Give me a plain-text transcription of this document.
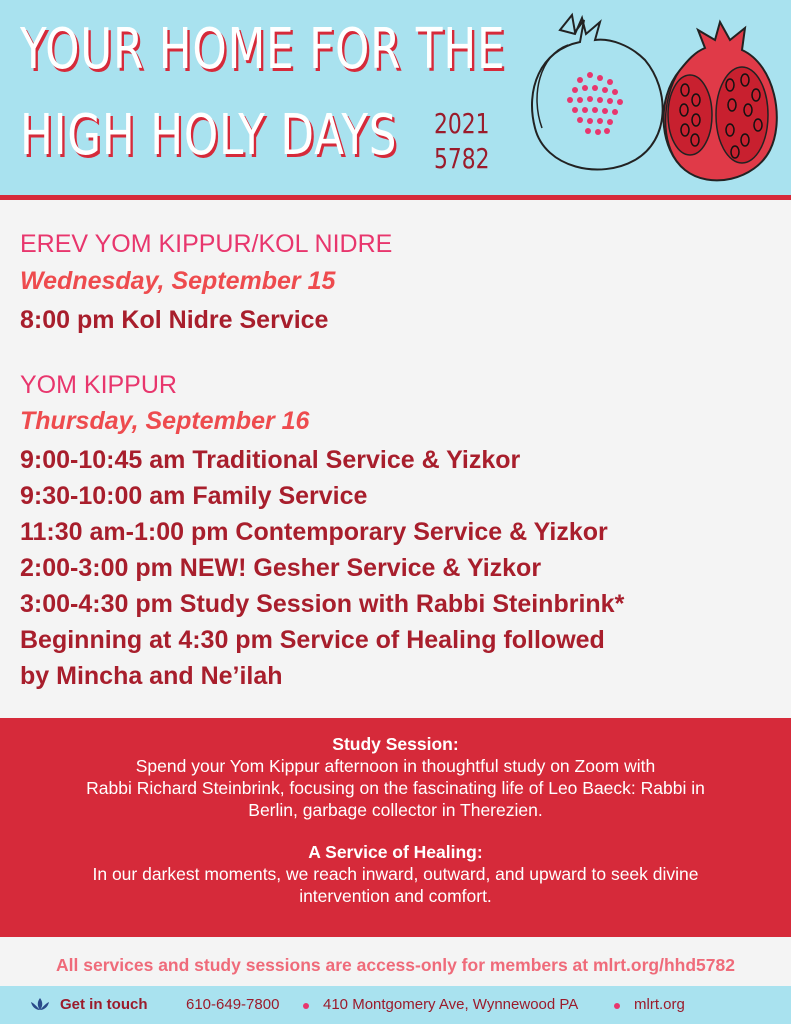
YOUR HOME FOR THE
HIGH HOLY DAYS 2021
5782
EREV YOM KIPPUR/KOL NIDRE
Wednesday, September 15
8:00 pm Kol Nidre Service
YOM KIPPUR
Thursday, September 16
9:00-10:45 am Traditional Service & Yizkor
9:30-10:00 am Family Service
11:30 am-1:00 pm Contemporary Service & Yizkor
2:00-3:00 pm NEW! Gesher Service & Yizkor
3:00-4:30 pm Study Session with Rabbi Steinbrink*
Beginning at 4:30 pm Service of Healing followed
by Mincha and Ne’ilah
Study Session:
Spend your Yom Kippur afternoon in thoughtful study on Zoom with
Rabbi Richard Steinbrink, focusing on the fascinating life of Leo Baeck: Rabbi in
Berlin, garbage collector in Therezien.
A Service of Healing:
In our darkest moments, we reach inward, outward, and upward to seek divine
intervention and comfort.
All services and study sessions are access-only for members at mlrt.org/hhd5782
Get in touch	610-649-7800	410 Montgomery Ave, Wynnewood PA	mlrt.org
